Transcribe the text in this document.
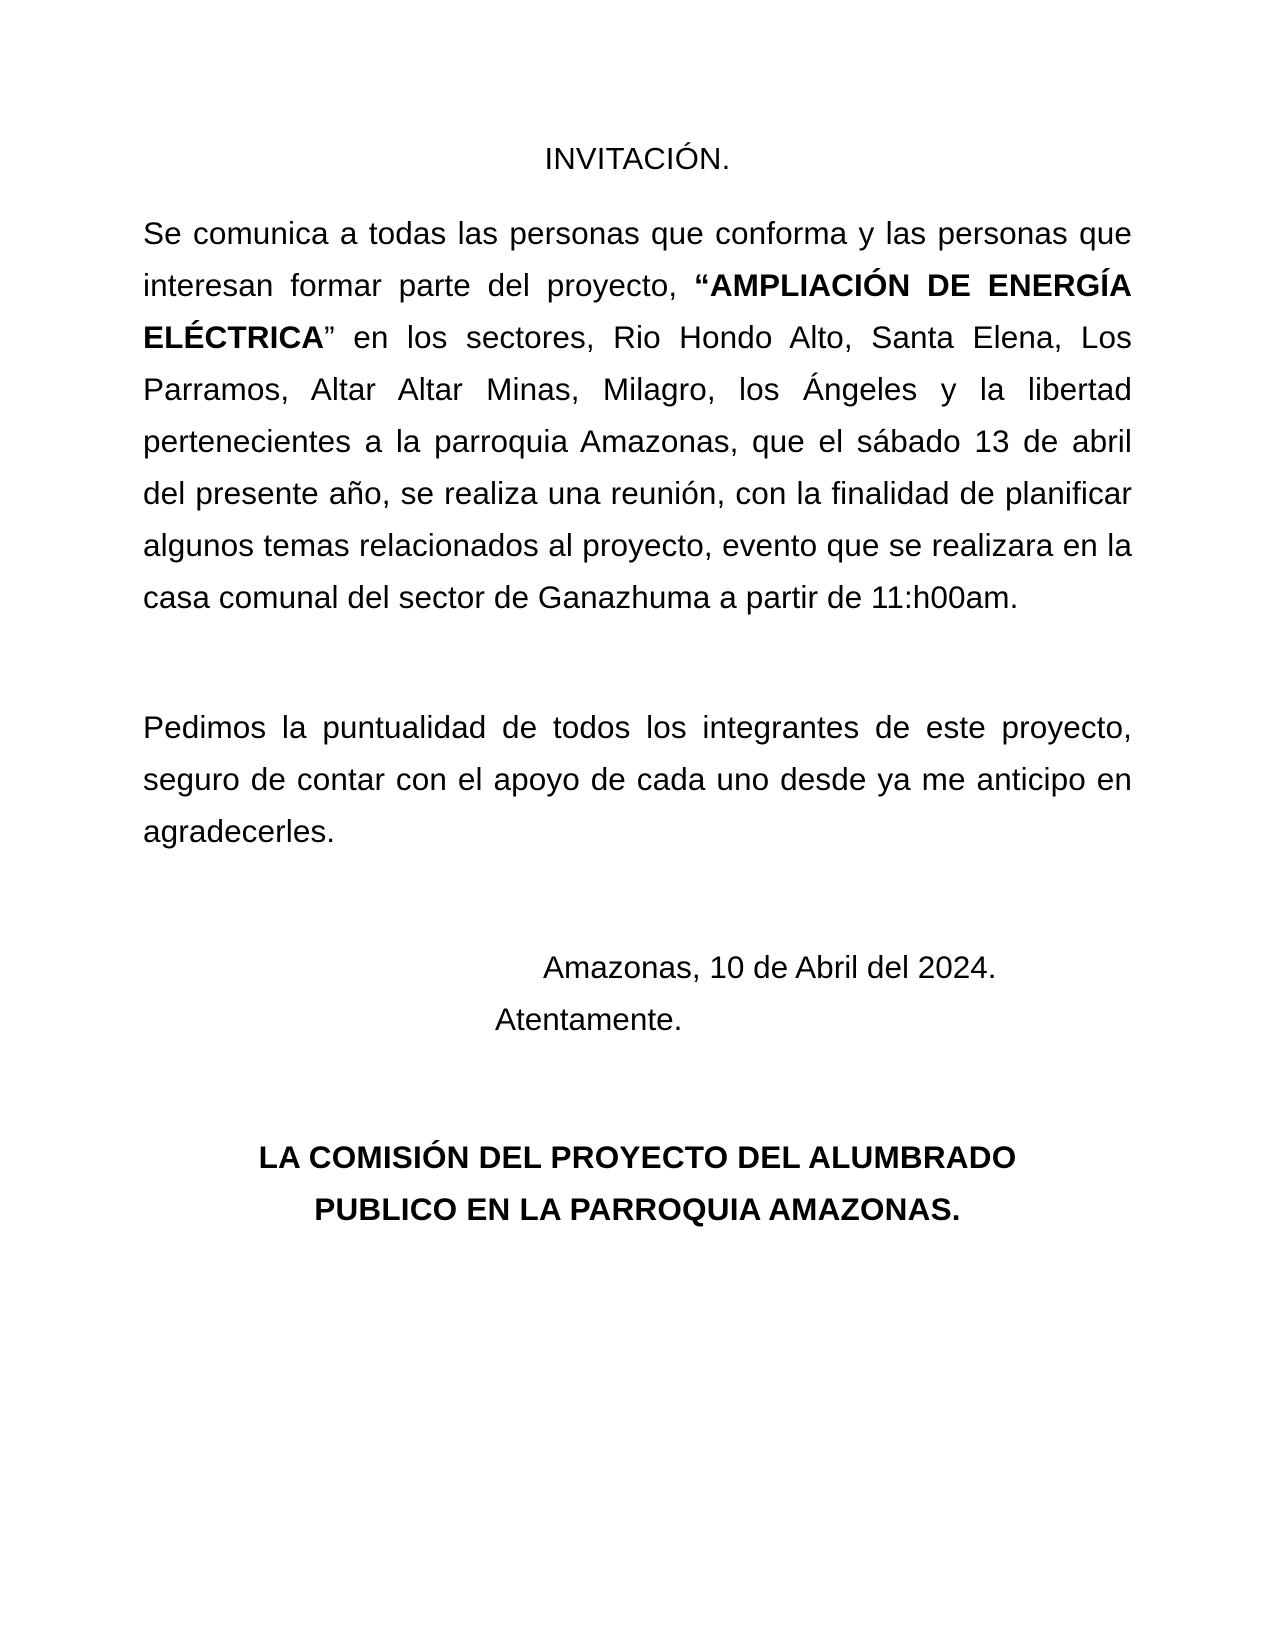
INVITACIÓN.

Se comunica a todas las personas que conforma y las personas que interesan formar parte del proyecto, “AMPLIACIÓN DE ENERGÍA ELÉCTRICA” en los sectores, Rio Hondo Alto, Santa Elena, Los Parramos, Altar Altar Minas, Milagro, los Ángeles y la libertad pertenecientes a la parroquia Amazonas, que el sábado 13 de abril del presente año, se realiza una reunión, con la finalidad de planificar algunos temas relacionados al proyecto, evento que se realizara en la casa comunal del sector de Ganazhuma a partir de 11:h00am.

Pedimos la puntualidad de todos los integrantes de este proyecto, seguro de contar con el apoyo de cada uno desde ya me anticipo en agradecerles.

Amazonas, 10 de Abril del 2024.

Atentamente.

LA COMISIÓN DEL PROYECTO DEL ALUMBRADO

PUBLICO EN LA PARROQUIA AMAZONAS.
